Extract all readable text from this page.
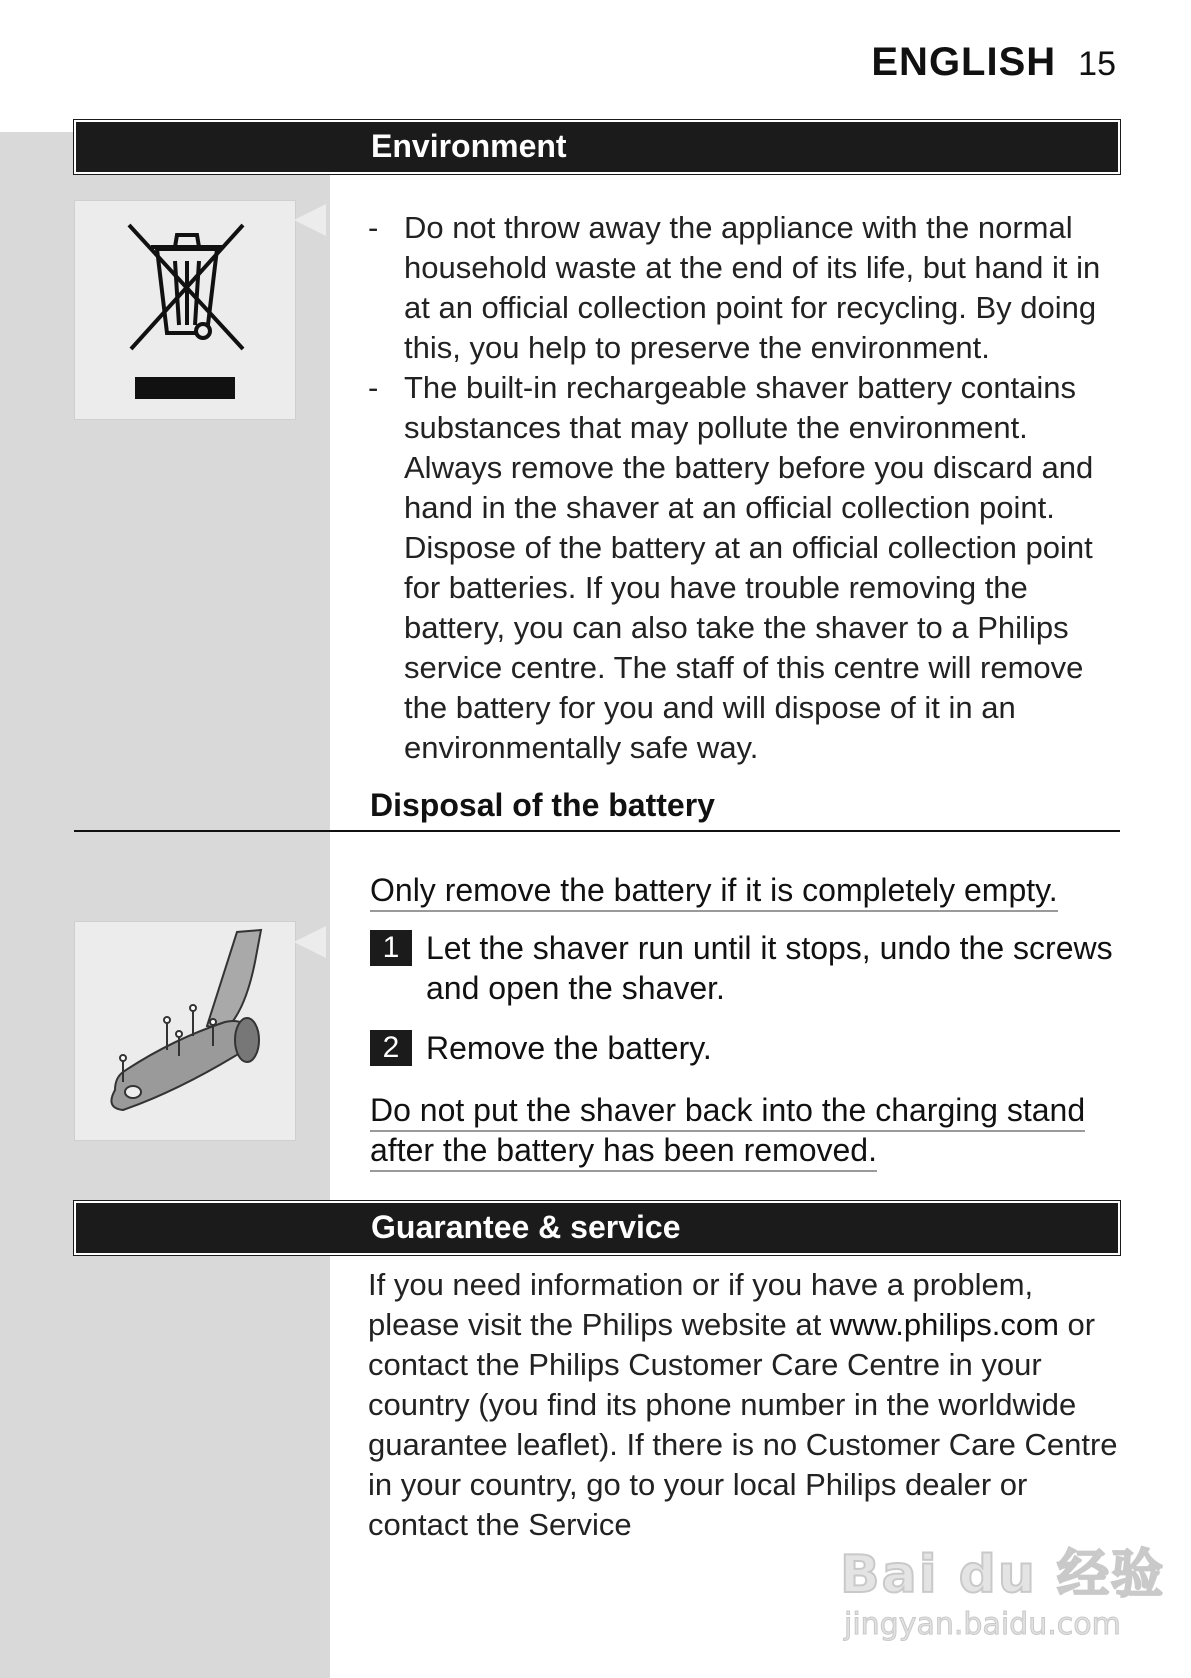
ENGLISH 15
Environment
- Do not throw away the appliance with the normal household waste at the end of its life, but hand it in at an official collection point for recycling. By doing this, you help to preserve the environment.
- The built-in rechargeable shaver battery contains substances that may pollute the environment. Always remove the battery before you discard and hand in the shaver at an official collection point. Dispose of the battery at an official collection point for batteries. If you have trouble removing the battery, you can also take the shaver to a Philips service centre. The staff of this centre will remove the battery for you and will dispose of it in an environmentally safe way.
Disposal of the battery
Only remove the battery if it is completely empty.
1 Let the shaver run until it stops, undo the screws and open the shaver.
2 Remove the battery.
Do not put the shaver back into the charging stand
after the battery has been removed.
Guarantee & service
If you need information or if you have a problem, please visit the Philips website at www.philips.com or contact the Philips Customer Care Centre in your country (you find its phone number in the worldwide guarantee leaflet). If there is no Customer Care Centre in your country, go to your local Philips dealer or contact the Service
Bai du 经验
jingyan.baidu.com
